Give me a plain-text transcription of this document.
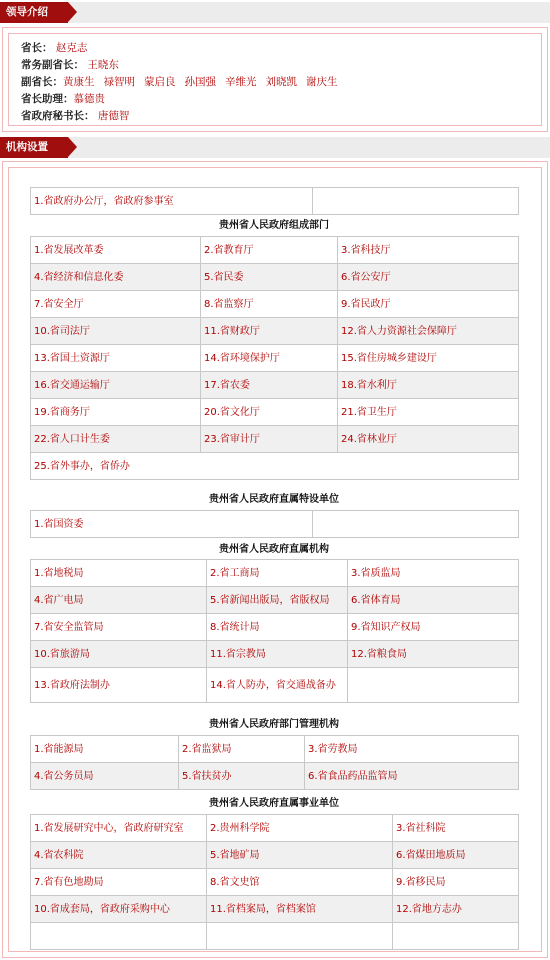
领导介绍
省长： 赵克志
常务副省长： 王晓东
副省长：黄康生 禄智明 蒙启良 孙国强 辛维光 刘晓凯 谢庆生
省长助理：慕德贵
省政府秘书长： 唐德智
机构设置
1.省政府办公厅，省政府参事室	
贵州省人民政府组成部门
1.省发展改革委	2.省教育厅	3.省科技厅
4.省经济和信息化委	5.省民委	6.省公安厅
7.省安全厅	8.省监察厅	9.省民政厅
10.省司法厅	11.省财政厅	12.省人力资源社会保障厅
13.省国土资源厅	14.省环境保护厅	15.省住房城乡建设厅
16.省交通运输厅	17.省农委	18.省水利厅
19.省商务厅	20.省文化厅	21.省卫生厅
22.省人口计生委	23.省审计厅	24.省林业厅
25.省外事办，省侨办		
贵州省人民政府直属特设单位
1.省国资委	
贵州省人民政府直属机构
1.省地税局	2.省工商局	3.省质监局
4.省广电局	5.省新闻出版局，省版权局	6.省体育局
7.省安全监管局	8.省统计局	9.省知识产权局
10.省旅游局	11.省宗教局	12.省粮食局
13.省政府法制办	14.省人防办，省交通战备办	
贵州省人民政府部门管理机构
1.省能源局	2.省监狱局	3.省劳教局
4.省公务员局	5.省扶贫办	6.省食品药品监管局
贵州省人民政府直属事业单位
1.省发展研究中心，省政府研究室	2.贵州科学院	3.省社科院
4.省农科院	5.省地矿局	6.省煤田地质局
7.省有色地勘局	8.省文史馆	9.省移民局
10.省成套局，省政府采购中心	11.省档案局，省档案馆	12.省地方志办
